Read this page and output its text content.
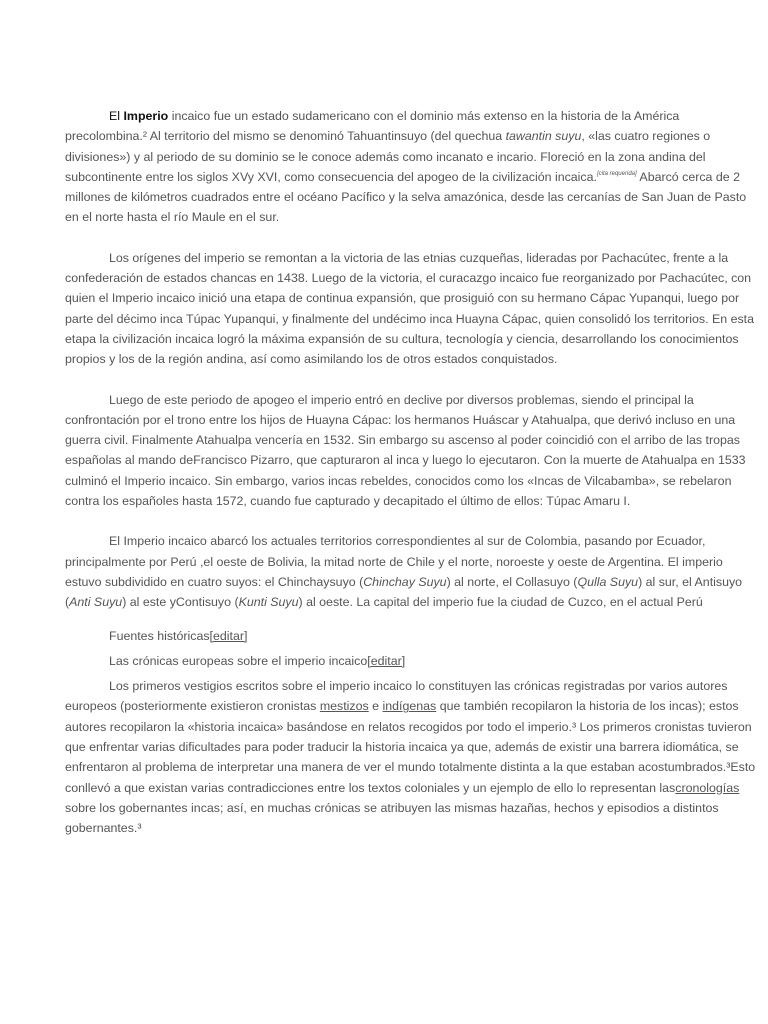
El Imperio incaico fue un estado sudamericano con el dominio más extenso en la historia de la América precolombina.² Al territorio del mismo se denominó Tahuantinsuyo (del quechua tawantin suyu, «las cuatro regiones o divisiones») y al periodo de su dominio se le conoce además como incanato e incario. Floreció en la zona andina del subcontinente entre los siglos XVy XVI, como consecuencia del apogeo de la civilización incaica.[cita requerida] Abarcó cerca de 2 millones de kilómetros cuadrados entre el océano Pacífico y la selva amazónica, desde las cercanías de San Juan de Pasto en el norte hasta el río Maule en el sur.

Los orígenes del imperio se remontan a la victoria de las etnias cuzqueñas, lideradas por Pachacútec, frente a la confederación de estados chancas en 1438. Luego de la victoria, el curacazgo incaico fue reorganizado por Pachacútec, con quien el Imperio incaico inició una etapa de continua expansión, que prosiguió con su hermano Cápac Yupanqui, luego por parte del décimo inca Túpac Yupanqui, y finalmente del undécimo inca Huayna Cápac, quien consolidó los territorios. En esta etapa la civilización incaica logró la máxima expansión de su cultura, tecnología y ciencia, desarrollando los conocimientos propios y los de la región andina, así como asimilando los de otros estados conquistados.

Luego de este periodo de apogeo el imperio entró en declive por diversos problemas, siendo el principal la confrontación por el trono entre los hijos de Huayna Cápac: los hermanos Huáscar y Atahualpa, que derivó incluso en una guerra civil. Finalmente Atahualpa vencería en 1532. Sin embargo su ascenso al poder coincidió con el arribo de las tropas españolas al mando deFrancisco Pizarro, que capturaron al inca y luego lo ejecutaron. Con la muerte de Atahualpa en 1533 culminó el Imperio incaico. Sin embargo, varios incas rebeldes, conocidos como los «Incas de Vilcabamba», se rebelaron contra los españoles hasta 1572, cuando fue capturado y decapitado el último de ellos: Túpac Amaru I.

El Imperio incaico abarcó los actuales territorios correspondientes al sur de Colombia, pasando por Ecuador, principalmente por Perú ,el oeste de Bolivia, la mitad norte de Chile y el norte, noroeste y oeste de Argentina. El imperio estuvo subdividido en cuatro suyos: el Chinchaysuyo (Chinchay Suyu) al norte, el Collasuyo (Qulla Suyu) al sur, el Antisuyo (Anti Suyu) al este yContisuyo (Kunti Suyu) al oeste. La capital del imperio fue la ciudad de Cuzco, en el actual Perú

Fuentes históricas[editar]

Las crónicas europeas sobre el imperio incaico[editar]

Los primeros vestigios escritos sobre el imperio incaico lo constituyen las crónicas registradas por varios autores europeos (posteriormente existieron cronistas mestizos e indígenas que también recopilaron la historia de los incas); estos autores recopilaron la «historia incaica» basándose en relatos recogidos por todo el imperio.³ Los primeros cronistas tuvieron que enfrentar varias dificultades para poder traducir la historia incaica ya que, además de existir una barrera idiomática, se enfrentaron al problema de interpretar una manera de ver el mundo totalmente distinta a la que estaban acostumbrados.³Esto conllevó a que existan varias contradicciones entre los textos coloniales y un ejemplo de ello lo representan lascronologías sobre los gobernantes incas; así, en muchas crónicas se atribuyen las mismas hazañas, hechos y episodios a distintos gobernantes.³
